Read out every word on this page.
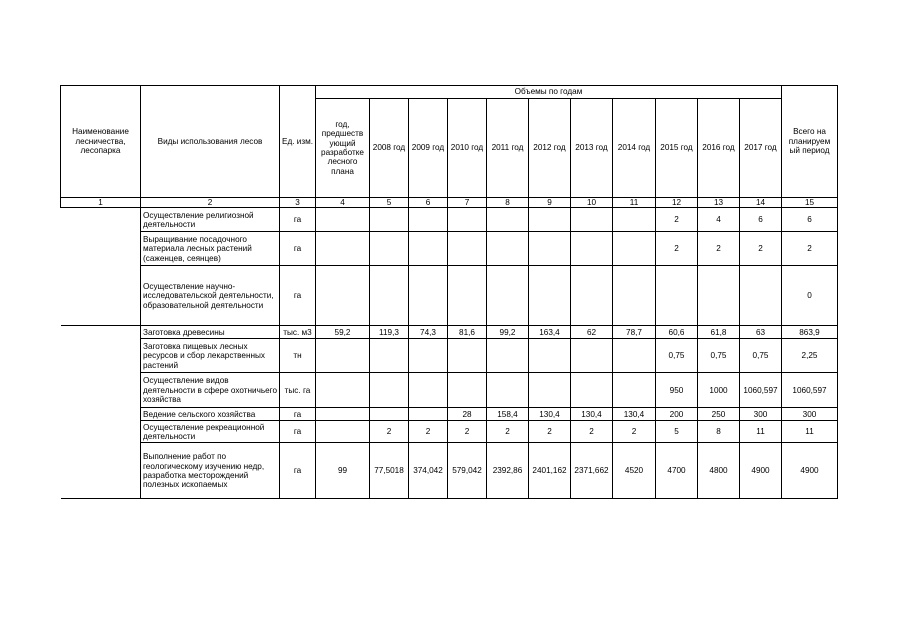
Наименование лесничества, лесопарка	Виды использования лесов	Ед. изм.	Объемы по годам											Всего на планируем ый период
			год, предшеств ующий разработке лесного плана	2008 год	2009 год	2010 год	2011 год	2012 год	2013 год	2014 год	2015 год	2016 год	2017 год	
1	2	3	4	5	6	7	8	9	10	11	12	13	14	15
	Осуществление религиозной деятельности	га									2	4	6	6
	Выращивание посадочного материала лесных растений (саженцев, сеянцев)	га									2	2	2	2
	Осуществление научно-исследовательской деятельности, образовательной деятельности	га												0
	Заготовка древесины	тыс. м3	59,2	119,3	74,3	81,6	99,2	163,4	62	78,7	60,6	61,8	63	863,9
	Заготовка пищевых лесных ресурсов и сбор лекарственных растений	тн									0,75	0,75	0,75	2,25
	Осуществление видов деятельности в сфере охотничьего хозяйства	тыс. га									950	1000	1060,597	1060,597
	Ведение сельского хозяйства	га				28	158,4	130,4	130,4	130,4	200	250	300	300
	Осуществление рекреационной деятельности	га		2	2	2	2	2	2	2	5	8	11	11
	Выполнение работ по геологическому изучению недр, разработка месторождений полезных ископаемых	га	99	77,5018	374,042	579,042	2392,86	2401,162	2371,662	4520	4700	4800	4900	4900
